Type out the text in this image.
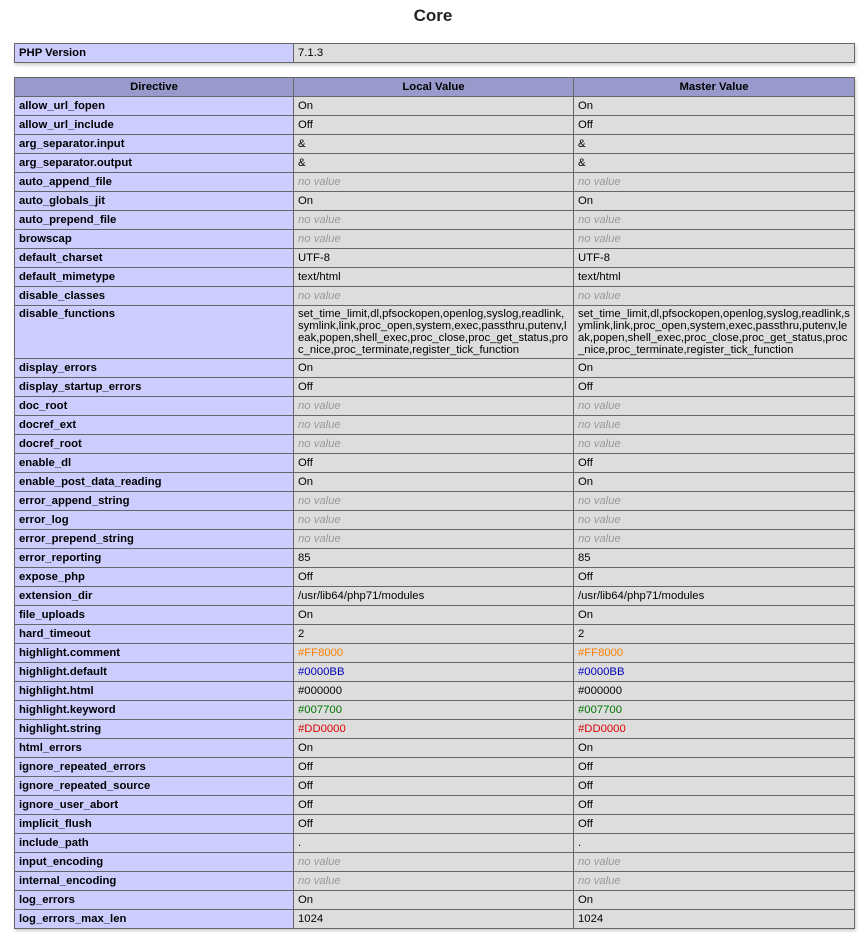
Core
PHP Version	7.1.3
Directive	Local Value	Master Value
allow_url_fopen	On	On
allow_url_include	Off	Off
arg_separator.input	&	&
arg_separator.output	&	&
auto_append_file	no value	no value
auto_globals_jit	On	On
auto_prepend_file	no value	no value
browscap	no value	no value
default_charset	UTF-8	UTF-8
default_mimetype	text/html	text/html
disable_classes	no value	no value
disable_functions	set_time_limit,dl,pfsockopen,openlog,syslog,readlink,symlink,link,proc_open,system,exec,passthru,putenv,leak,popen,shell_exec,proc_close,proc_get_status,proc_nice,proc_terminate,register_tick_function	set_time_limit,dl,pfsockopen,openlog,syslog,readlink,symlink,link,proc_open,system,exec,passthru,putenv,leak,popen,shell_exec,proc_close,proc_get_status,proc_nice,proc_terminate,register_tick_function
display_errors	On	On
display_startup_errors	Off	Off
doc_root	no value	no value
docref_ext	no value	no value
docref_root	no value	no value
enable_dl	Off	Off
enable_post_data_reading	On	On
error_append_string	no value	no value
error_log	no value	no value
error_prepend_string	no value	no value
error_reporting	85	85
expose_php	Off	Off
extension_dir	/usr/lib64/php71/modules	/usr/lib64/php71/modules
file_uploads	On	On
hard_timeout	2	2
highlight.comment	#FF8000	#FF8000
highlight.default	#0000BB	#0000BB
highlight.html	#000000	#000000
highlight.keyword	#007700	#007700
highlight.string	#DD0000	#DD0000
html_errors	On	On
ignore_repeated_errors	Off	Off
ignore_repeated_source	Off	Off
ignore_user_abort	Off	Off
implicit_flush	Off	Off
include_path	.	.
input_encoding	no value	no value
internal_encoding	no value	no value
log_errors	On	On
log_errors_max_len	1024	1024
